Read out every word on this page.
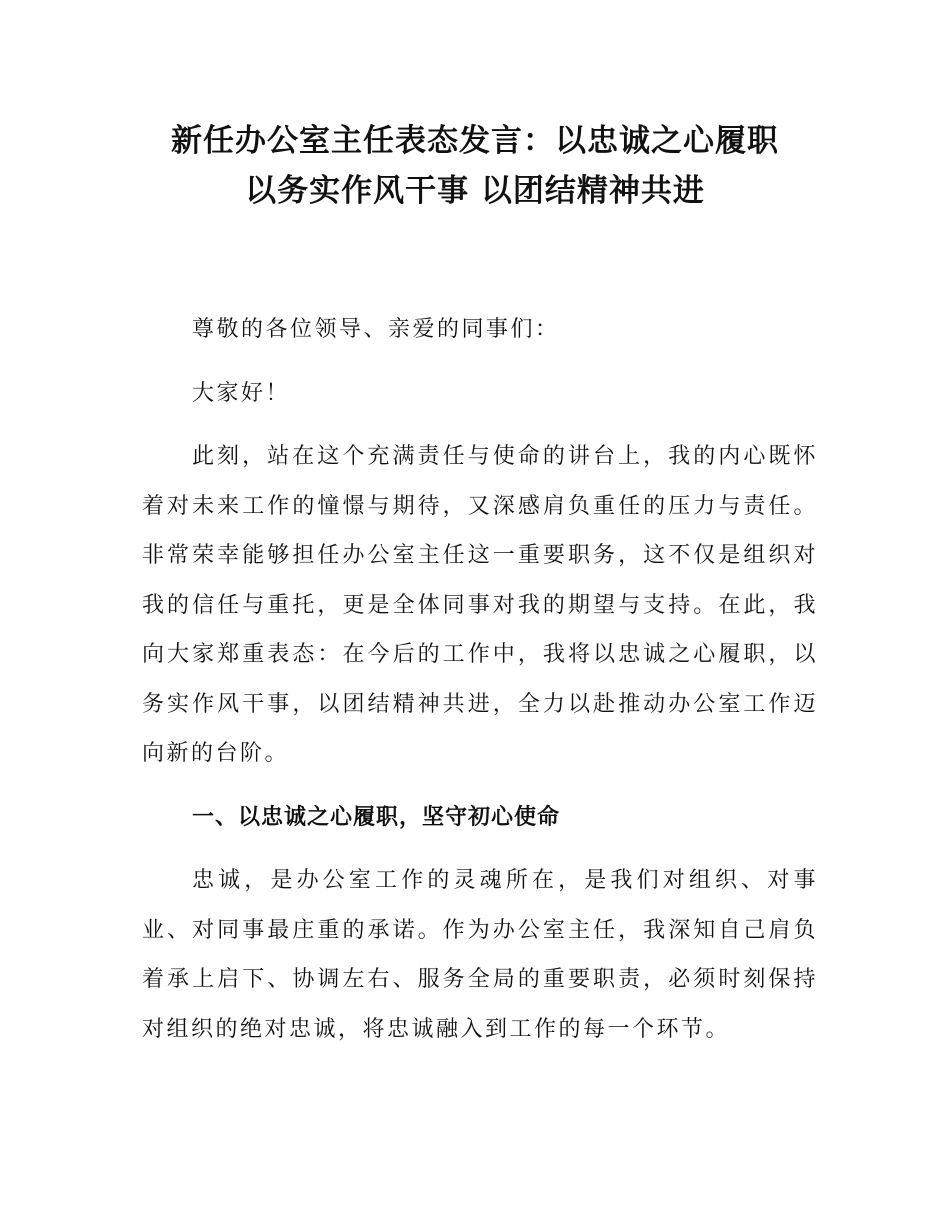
新任办公室主任表态发言：以忠诚之心履职
以务实作风干事 以团结精神共进

尊敬的各位领导、亲爱的同事们：

大家好！

此刻，站在这个充满责任与使命的讲台上，我的内心既怀着对未来工作的憧憬与期待，又深感肩负重任的压力与责任。非常荣幸能够担任办公室主任这一重要职务，这不仅是组织对我的信任与重托，更是全体同事对我的期望与支持。在此，我向大家郑重表态：在今后的工作中，我将以忠诚之心履职，以务实作风干事，以团结精神共进，全力以赴推动办公室工作迈向新的台阶。

一、以忠诚之心履职，坚守初心使命

忠诚，是办公室工作的灵魂所在，是我们对组织、对事业、对同事最庄重的承诺。作为办公室主任，我深知自己肩负着承上启下、协调左右、服务全局的重要职责，必须时刻保持对组织的绝对忠诚，将忠诚融入到工作的每一个环节。
